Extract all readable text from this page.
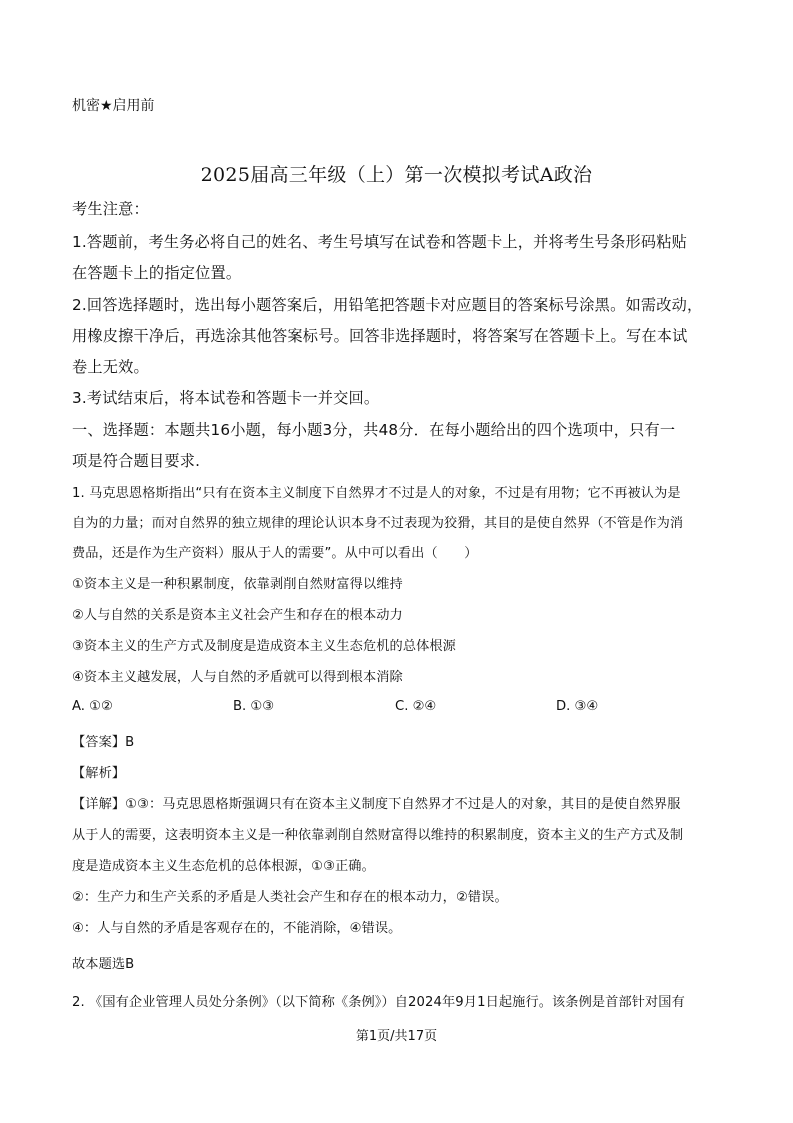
机密★启用前
2025届高三年级（上）第一次模拟考试A政治
考生注意：
1.答题前，考生务必将自己的姓名、考生号填写在试卷和答题卡上，并将考生号条形码粘贴
在答题卡上的指定位置。
2.回答选择题时，选出每小题答案后，用铅笔把答题卡对应题目的答案标号涂黑。如需改动，
用橡皮擦干净后，再选涂其他答案标号。回答非选择题时，将答案写在答题卡上。写在本试
卷上无效。
3.考试结束后，将本试卷和答题卡一并交回。
一、选择题：本题共16小题，每小题3分，共48分．在每小题给出的四个选项中，只有一
项是符合题目要求.
1. 马克思恩格斯指出“只有在资本主义制度下自然界才不过是人的对象，不过是有用物；它不再被认为是
自为的力量；而对自然界的独立规律的理论认识本身不过表现为狡猾，其目的是使自然界（不管是作为消
费品，还是作为生产资料）服从于人的需要”。从中可以看出（　　）
①资本主义是一种积累制度，依靠剥削自然财富得以维持
②人与自然的关系是资本主义社会产生和存在的根本动力
③资本主义的生产方式及制度是造成资本主义生态危机的总体根源
④资本主义越发展，人与自然的矛盾就可以得到根本消除
A. ①②	B. ①③	C. ②④	D. ③④
【答案】B
【解析】
【详解】①③：马克思恩格斯强调只有在资本主义制度下自然界才不过是人的对象，其目的是使自然界服
从于人的需要，这表明资本主义是一种依靠剥削自然财富得以维持的积累制度，资本主义的生产方式及制
度是造成资本主义生态危机的总体根源，①③正确。
②：生产力和生产关系的矛盾是人类社会产生和存在的根本动力，②错误。
④：人与自然的矛盾是客观存在的，不能消除，④错误。
故本题选B
2. 《国有企业管理人员处分条例》（以下简称《条例》）自2024年9月1日起施行。该条例是首部针对国有
第1页/共17页
